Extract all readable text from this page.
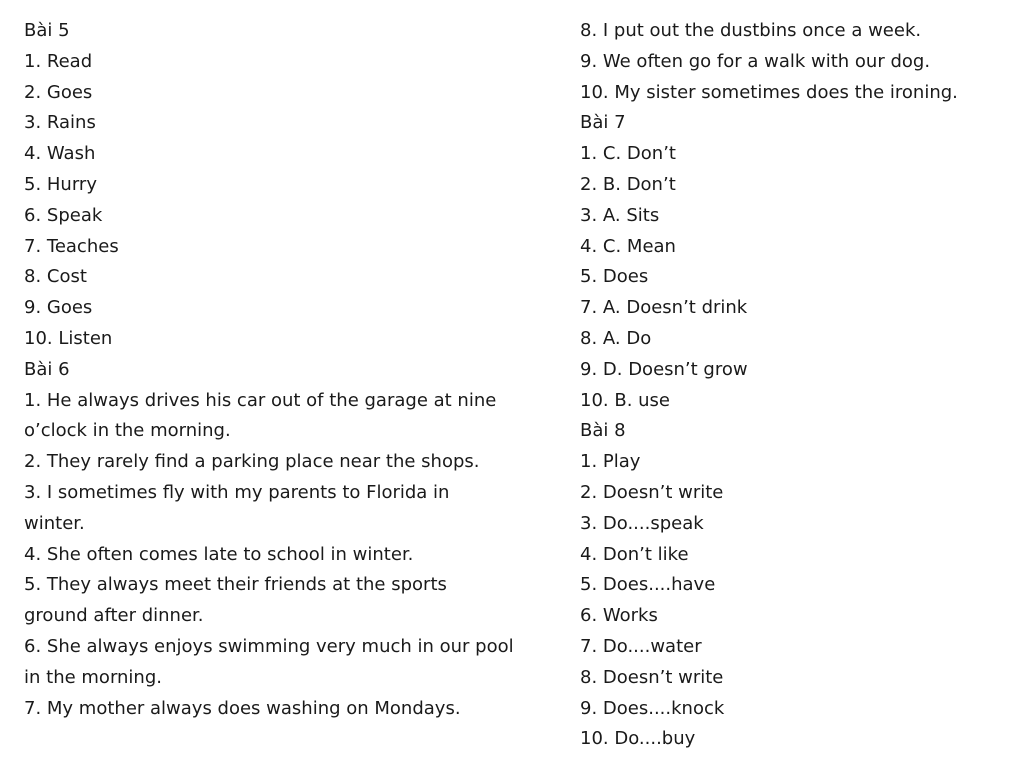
Bài 5
1. Read
2. Goes
3. Rains
4. Wash
5. Hurry
6. Speak
7. Teaches
8. Cost
9. Goes
10. Listen
Bài 6
1. He always drives his car out of the garage at nine
o’clock in the morning.
2. They rarely find a parking place near the shops.
3. I sometimes fly with my parents to Florida in
winter.
4. She often comes late to school in winter.
5. They always meet their friends at the sports
ground after dinner.
6. She always enjoys swimming very much in our pool
in the morning.
7. My mother always does washing on Mondays.
8. I put out the dustbins once a week.
9. We often go for a walk with our dog.
10. My sister sometimes does the ironing.
Bài 7
1. C. Don’t
2. B. Don’t
3. A. Sits
4. C. Mean
5. Does
7. A. Doesn’t drink
8. A. Do
9. D. Doesn’t grow
10. B. use
Bài 8
1. Play
2. Doesn’t write
3. Do....speak
4. Don’t like
5. Does....have
6. Works
7. Do....water
8. Doesn’t write
9. Does....knock
10. Do....buy
